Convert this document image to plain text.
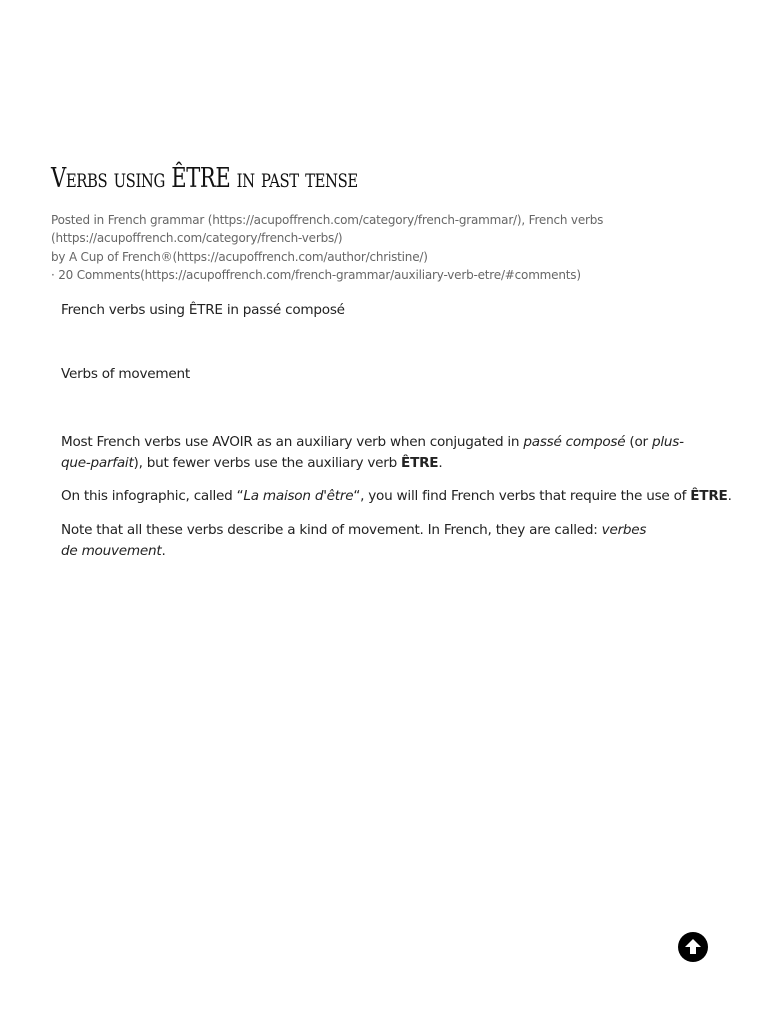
Verbs using ÊTRE in past tense
Posted in French grammar (https://acupoffrench.com/category/french-grammar/), French verbs (https://acupoffrench.com/category/french-verbs/)
by A Cup of French®(https://acupoffrench.com/author/christine/)
· 20 Comments(https://acupoffrench.com/french-grammar/auxiliary-verb-etre/#comments)

French verbs using ÊTRE in passé composé

Verbs of movement

Most French verbs use AVOIR as an auxiliary verb when conjugated in passé composé (or plus-que-parfait), but fewer verbs use the auxiliary verb ÊTRE.

On this infographic, called “La maison d'être“, you will find French verbs that require the use of ÊTRE.

Note that all these verbs describe a kind of movement. In French, they are called: verbes de mouvement.
